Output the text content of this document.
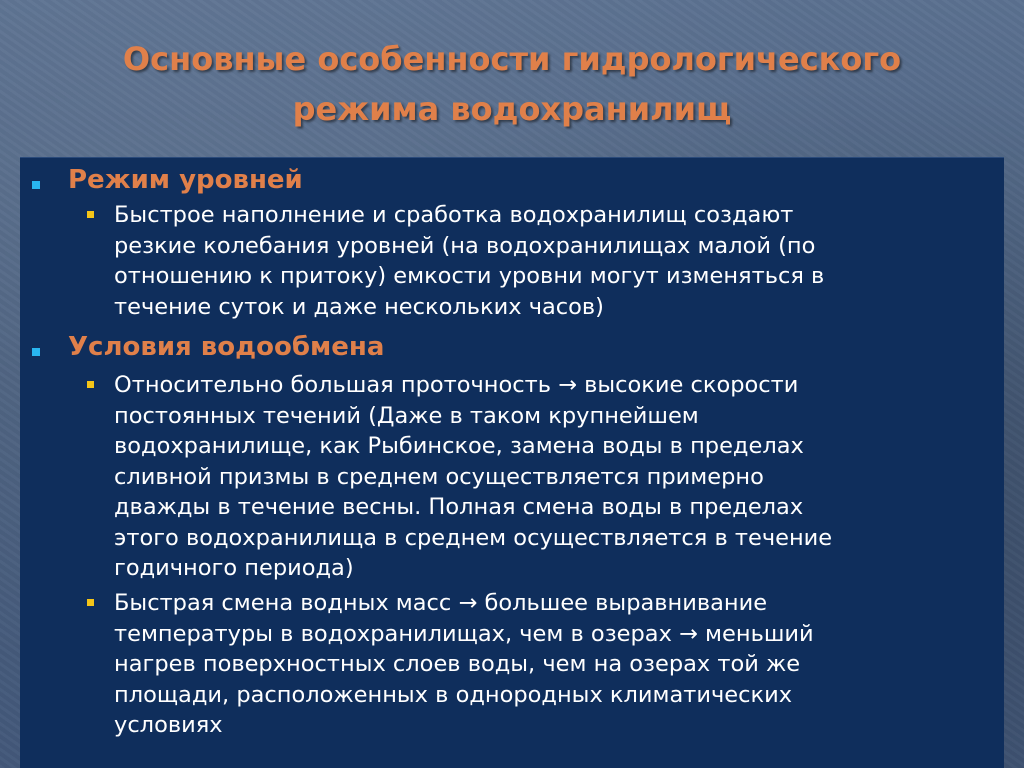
Основные особенности гидрологического
режима водохранилищ
Режим уровней
Быстрое наполнение и сработка водохранилищ создают
резкие колебания уровней (на водохранилищах малой (по
отношению к притоку) емкости уровни могут изменяться в
течение суток и даже нескольких часов)
Условия водообмена
Относительно большая проточность → высокие скорости
постоянных течений (Даже в таком крупнейшем
водохранилище, как Рыбинское, замена воды в пределах
сливной призмы в среднем осуществляется примерно
дважды в течение весны. Полная смена воды в пределах
этого водохранилища в среднем осуществляется в течение
годичного периода)
Быстрая смена водных масс → большее выравнивание
температуры в водохранилищах, чем в озерах → меньший
нагрев поверхностных слоев воды, чем на озерах той же
площади, расположенных в однородных климатических
условиях
